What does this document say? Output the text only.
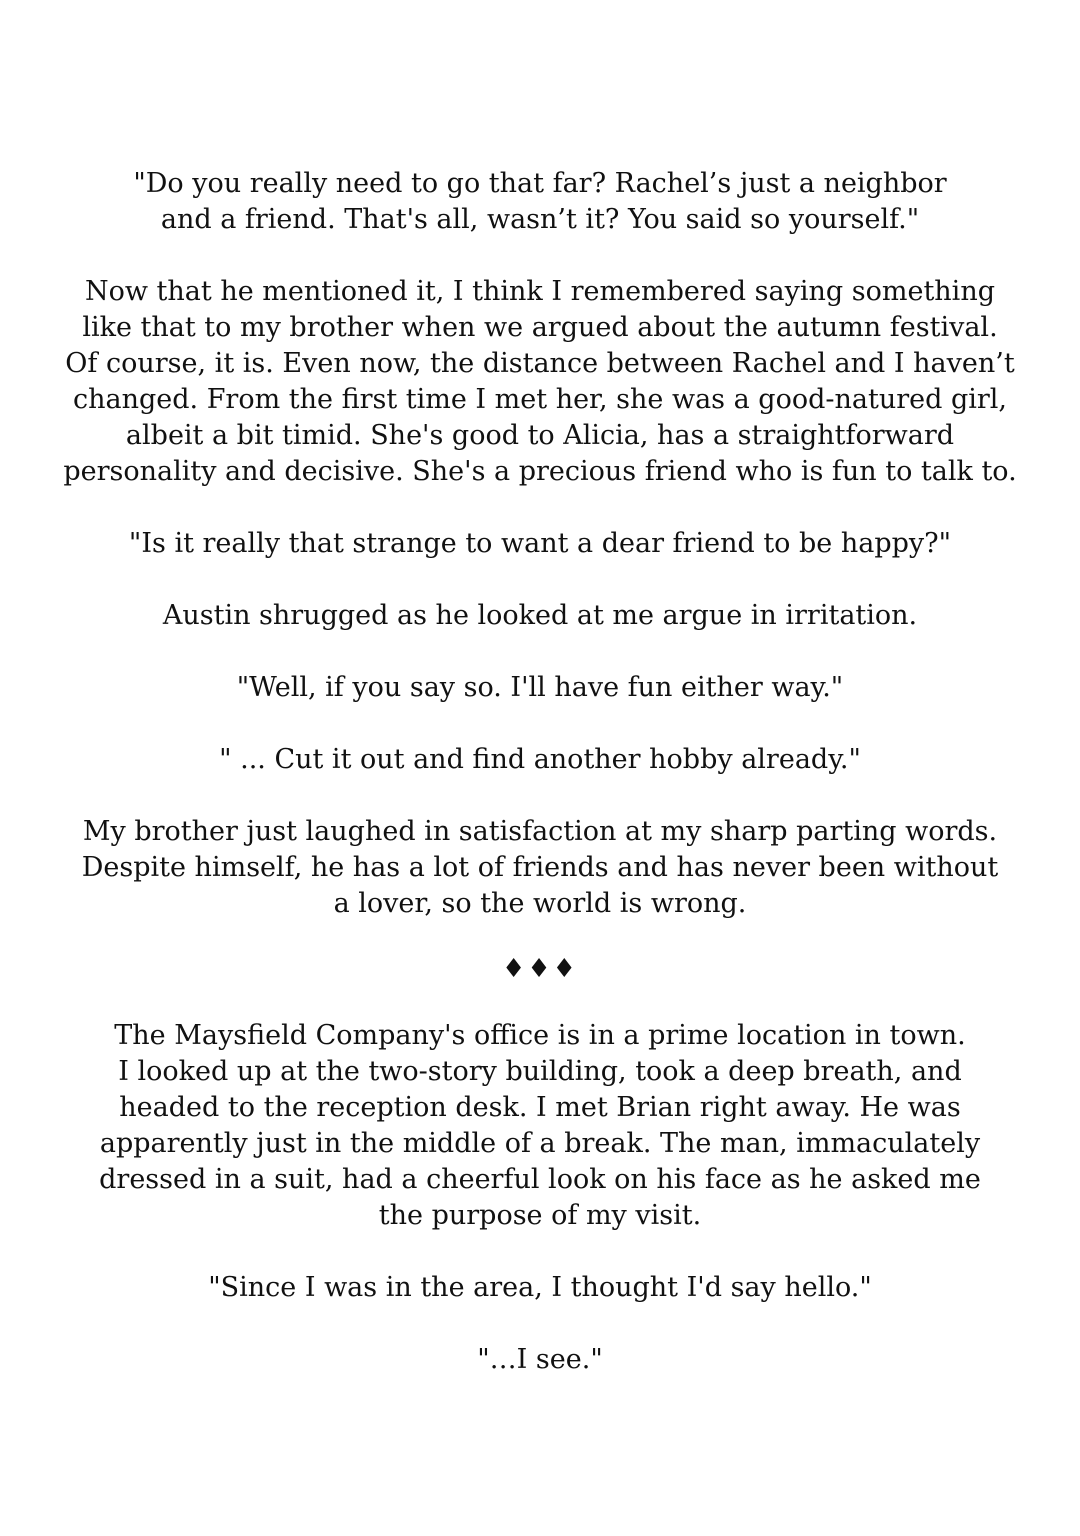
"Do you really need to go that far? Rachel’s just a neighbor
and a friend. That's all, wasn’t it? You said so yourself."
Now that he mentioned it, I think I remembered saying something
like that to my brother when we argued about the autumn festival.
Of course, it is. Even now, the distance between Rachel and I haven’t
changed. From the first time I met her, she was a good-natured girl,
albeit a bit timid. She's good to Alicia, has a straightforward
personality and decisive. She's a precious friend who is fun to talk to.
"Is it really that strange to want a dear friend to be happy?"
Austin shrugged as he looked at me argue in irritation.
"Well, if you say so. I'll have fun either way."
" ... Cut it out and find another hobby already."
My brother just laughed in satisfaction at my sharp parting words.
Despite himself, he has a lot of friends and has never been without
a lover, so the world is wrong.
♦♦♦
The Maysfield Company's office is in a prime location in town.
I looked up at the two-story building, took a deep breath, and
headed to the reception desk. I met Brian right away. He was
apparently just in the middle of a break. The man, immaculately
dressed in a suit, had a cheerful look on his face as he asked me
the purpose of my visit.
"Since I was in the area, I thought I'd say hello."
"…I see."
